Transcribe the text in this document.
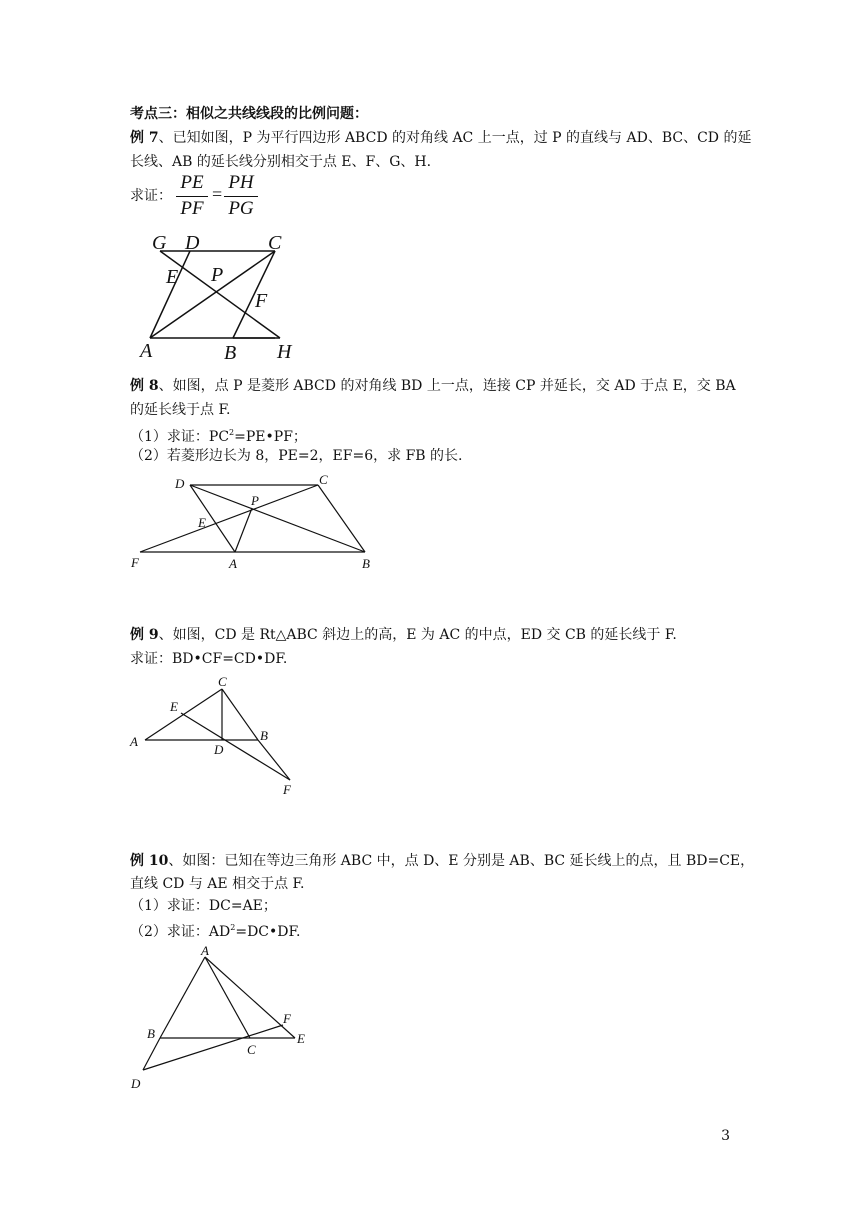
考点三：相似之共线线段的比例问题：
例 7、已知如图，P 为平行四边形 ABCD 的对角线 AC 上一点，过 P 的直线与 AD、BC、CD 的延
长线、AB 的延长线分别相交于点 E、F、G、H.
求证：
PE
PF
=
PH
PG
G D	C
E P
F
A	B H
D	C
P
E
F	A	B
C
E
A
D
B
F
A
F
B
C
E
D
例 8、如图，点 P 是菱形 ABCD 的对角线 BD 上一点，连接 CP 并延长，交 AD 于点 E，交 BA
的延长线于点 F.
（1）求证：$PC^2=PE•PF$；
（2）若菱形边长为 8，PE=2，EF=6，求 FB 的长.
例 9、如图，CD 是 Rt△ABC 斜边上的高，E 为 AC 的中点，ED 交 CB 的延长线于 F.
求证：BD•CF=CD•DF.
例 10、如图：已知在等边三角形 ABC 中，点 D、E 分别是 AB、BC 延长线上的点，且 BD=CE，
直线 CD 与 AE 相交于点 F.
（1）求证：DC=AE；
（2）求证：$AD^2=DC•DF$.
3
